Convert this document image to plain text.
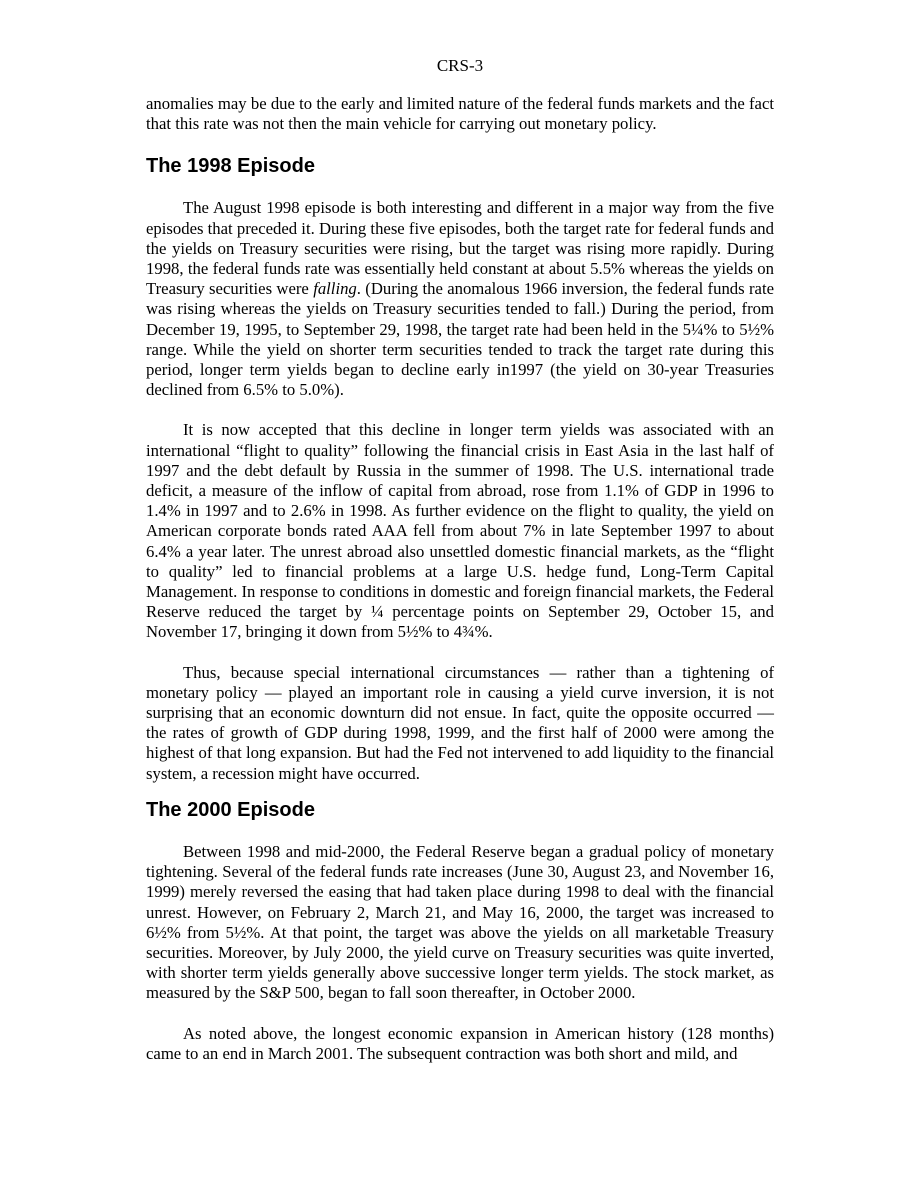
CRS-3

anomalies may be due to the early and limited nature of the federal funds markets and the fact that this rate was not then the main vehicle for carrying out monetary policy.

The 1998 Episode

The August 1998 episode is both interesting and different in a major way from the five episodes that preceded it. During these five episodes, both the target rate for federal funds and the yields on Treasury securities were rising, but the target was rising more rapidly. During 1998, the federal funds rate was essentially held constant at about 5.5% whereas the yields on Treasury securities were falling. (During the anomalous 1966 inversion, the federal funds rate was rising whereas the yields on Treasury securities tended to fall.) During the period, from December 19, 1995, to September 29, 1998, the target rate had been held in the 5¼% to 5½% range. While the yield on shorter term securities tended to track the target rate during this period, longer term yields began to decline early in1997 (the yield on 30-year Treasuries declined from 6.5% to 5.0%).

It is now accepted that this decline in longer term yields was associated with an international “flight to quality” following the financial crisis in East Asia in the last half of 1997 and the debt default by Russia in the summer of 1998. The U.S. international trade deficit, a measure of the inflow of capital from abroad, rose from 1.1% of GDP in 1996 to 1.4% in 1997 and to 2.6% in 1998. As further evidence on the flight to quality, the yield on American corporate bonds rated AAA fell from about 7% in late September 1997 to about 6.4% a year later. The unrest abroad also unsettled domestic financial markets, as the “flight to quality” led to financial problems at a large U.S. hedge fund, Long-Term Capital Management. In response to conditions in domestic and foreign financial markets, the Federal Reserve reduced the target by ¼ percentage points on September 29, October 15, and November 17, bringing it down from 5½% to 4¾%.

Thus, because special international circumstances — rather than a tightening of monetary policy — played an important role in causing a yield curve inversion, it is not surprising that an economic downturn did not ensue. In fact, quite the opposite occurred — the rates of growth of GDP during 1998, 1999, and the first half of 2000 were among the highest of that long expansion. But had the Fed not intervened to add liquidity to the financial system, a recession might have occurred.

The 2000 Episode

Between 1998 and mid-2000, the Federal Reserve began a gradual policy of monetary tightening. Several of the federal funds rate increases (June 30, August 23, and November 16, 1999) merely reversed the easing that had taken place during 1998 to deal with the financial unrest. However, on February 2, March 21, and May 16, 2000, the target was increased to 6½% from 5½%. At that point, the target was above the yields on all marketable Treasury securities. Moreover, by July 2000, the yield curve on Treasury securities was quite inverted, with shorter term yields generally above successive longer term yields. The stock market, as measured by the S&P 500, began to fall soon thereafter, in October 2000.

As noted above, the longest economic expansion in American history (128 months) came to an end in March 2001. The subsequent contraction was both short and mild, and
